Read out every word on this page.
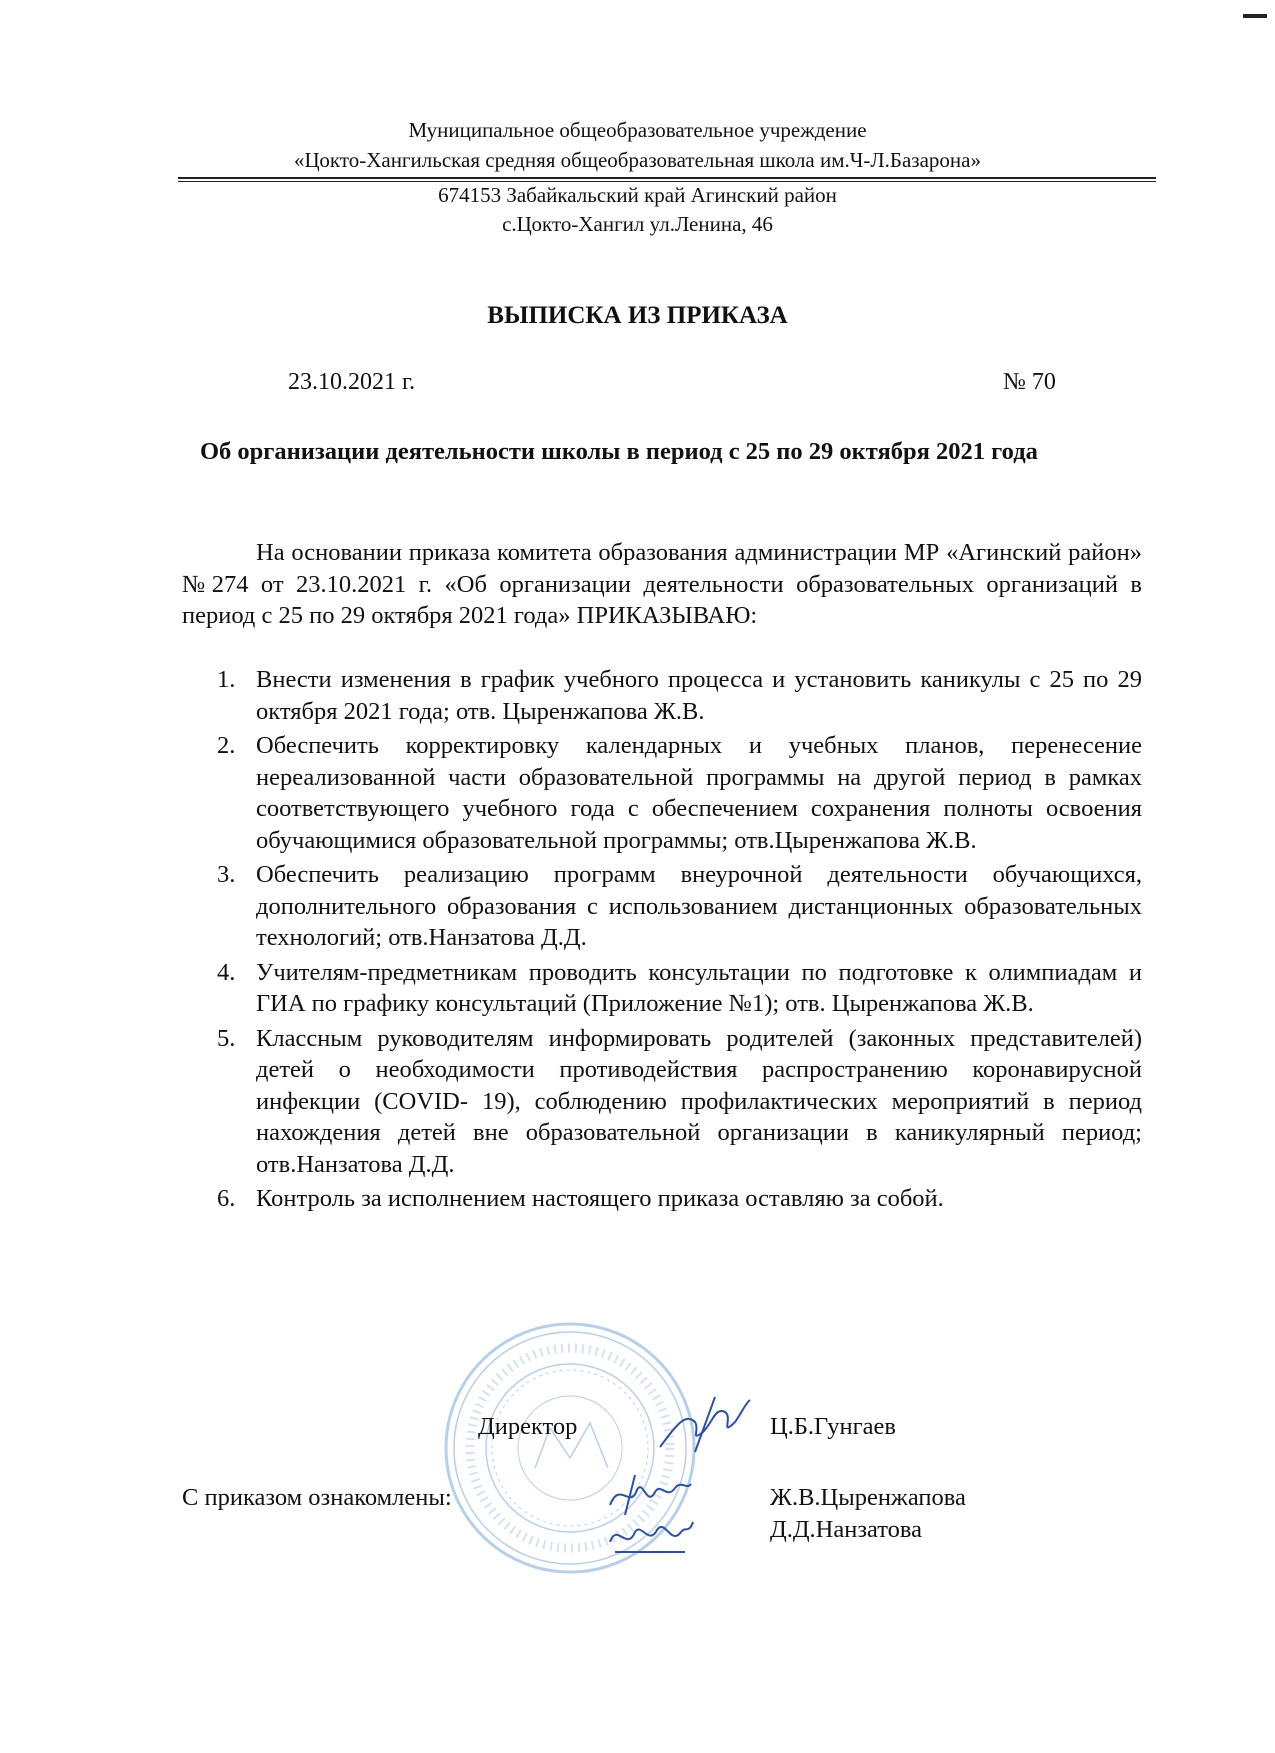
Муниципальное общеобразовательное учреждение
«Цокто-Хангильская средняя общеобразовательная школа им.Ч-Л.Базарона»
674153 Забайкальский край Агинский район
с.Цокто-Хангил ул.Ленина, 46
ВЫПИСКА ИЗ ПРИКАЗА
23.10.2021 г.	№ 70
Об организации деятельности школы в период с 25 по 29 октября 2021 года
На основании приказа комитета образования администрации МР «Агинский район» №274 от 23.10.2021 г. «Об организации деятельности образовательных организаций в период с 25 по 29 октября 2021 года» ПРИКАЗЫВАЮ:
1. Внести изменения в график учебного процесса и установить каникулы с 25 по 29 октября 2021 года; отв. Цыренжапова Ж.В.
2. Обеспечить корректировку календарных и учебных планов, перенесение нереализованной части образовательной программы на другой период в рамках соответствующего учебного года с обеспечением сохранения полноты освоения обучающимися образовательной программы; отв.Цыренжапова Ж.В.
3. Обеспечить реализацию программ внеурочной деятельности обучающихся, дополнительного образования с использованием дистанционных образовательных технологий; отв.Нанзатова Д.Д.
4. Учителям-предметникам проводить консультации по подготовке к олимпиадам и ГИА по графику консультаций (Приложение №1); отв. Цыренжапова Ж.В.
5. Классным руководителям информировать родителей (законных представителей) детей о необходимости противодействия распространению коронавирусной инфекции (COVID- 19), соблюдению профилактических мероприятий в период нахождения детей вне образовательной организации в каникулярный период; отв.Нанзатова Д.Д.
6. Контроль за исполнением настоящего приказа оставляю за собой.
Директор	Ц.Б.Гунгаев
С приказом ознакомлены:	Ж.В.Цыренжапова
Д.Д.Нанзатова
